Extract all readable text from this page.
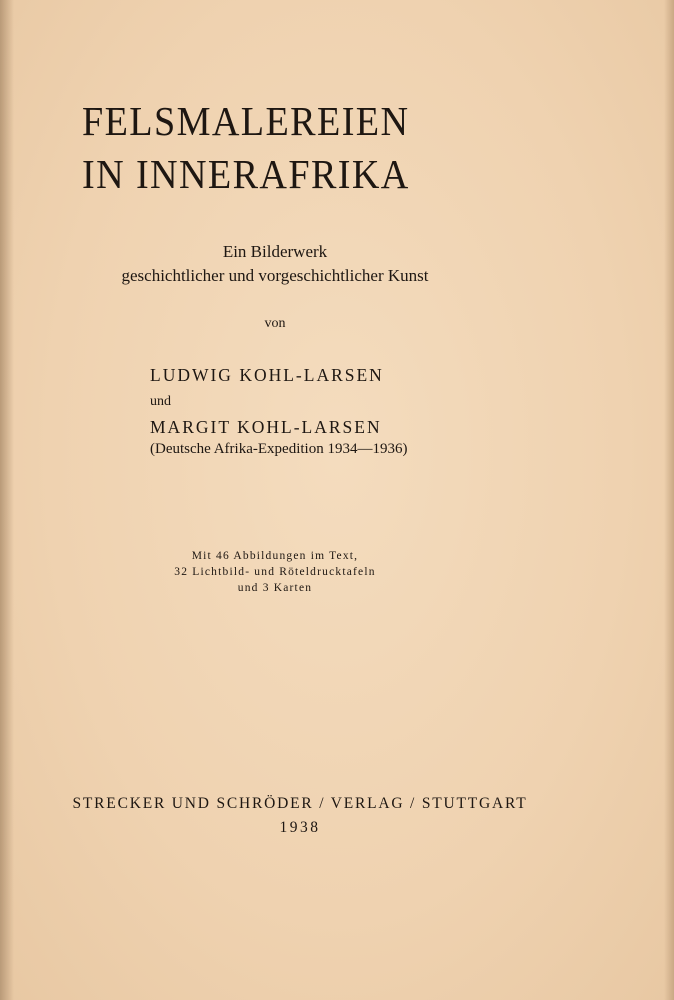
FELSMALEREIEN
IN INNERAFRIKA
Ein Bilderwerk
geschichtlicher und vorgeschichtlicher Kunst
von
LUDWIG KOHL-LARSEN
und
MARGIT KOHL-LARSEN
(Deutsche Afrika-Expedition 1934—1936)
Mit 46 Abbildungen im Text,
32 Lichtbild- und Röteldrucktafeln
und 3 Karten
STRECKER UND SCHRÖDER / VERLAG / STUTTGART
1938
